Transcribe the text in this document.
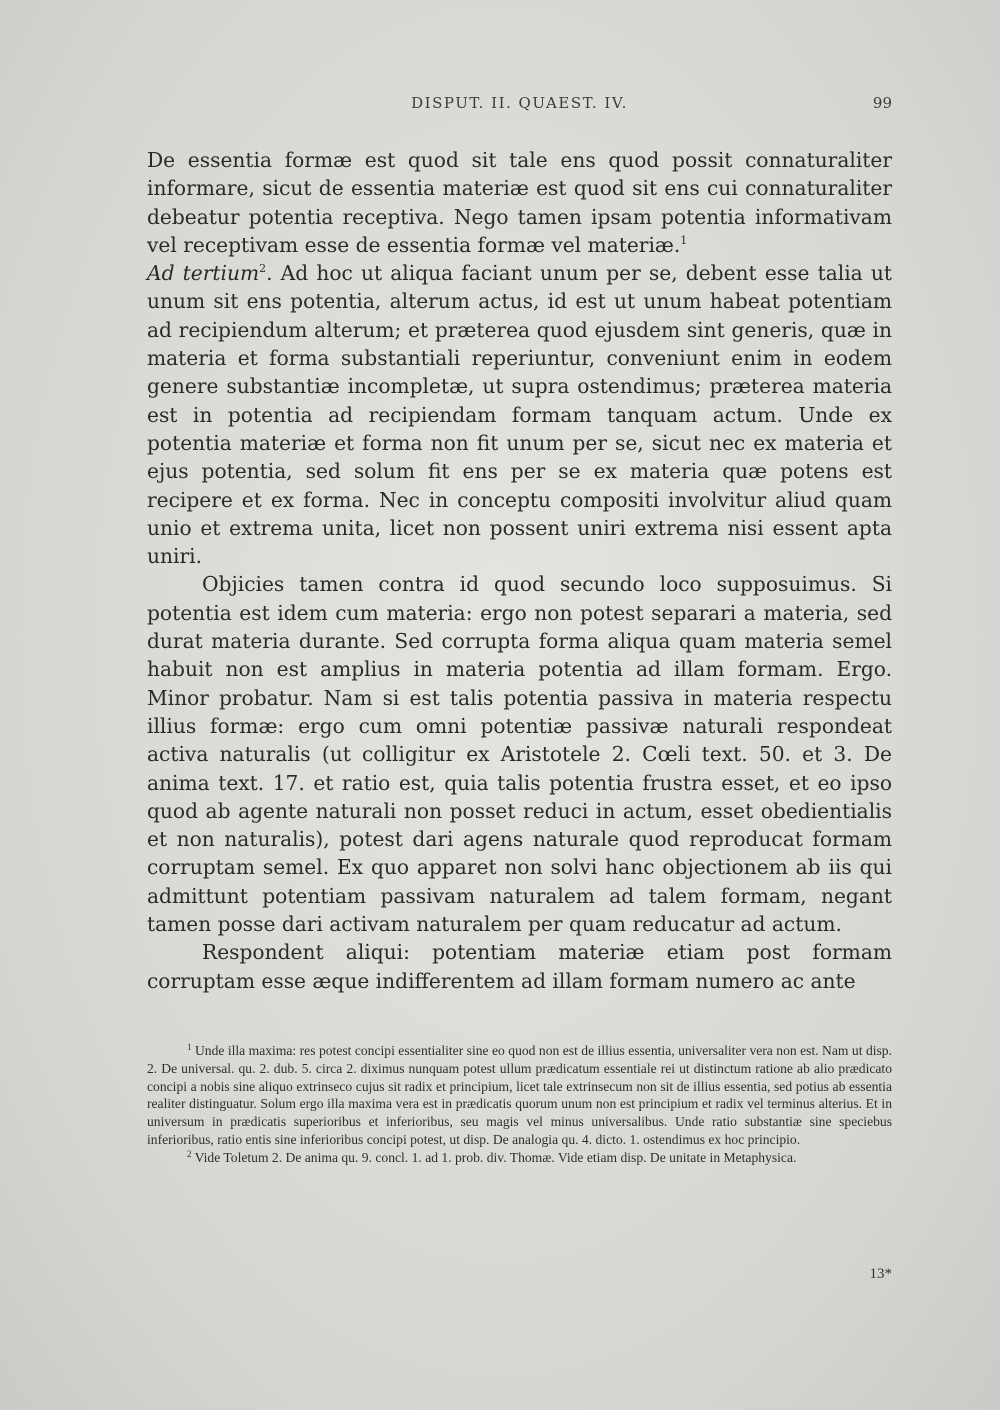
DISPUT. II. QUAEST. IV.	99

De essentia formæ est quod sit tale ens quod possit connaturaliter informare, sicut de essentia materiæ est quod sit ens cui connaturaliter debeatur potentia receptiva. Nego tamen ipsam potentia informativam vel receptivam esse de essentia formæ vel materiæ.$^1$

Ad tertium$^2$. Ad hoc ut aliqua faciant unum per se, debent esse talia ut unum sit ens potentia, alterum actus, id est ut unum habeat potentiam ad recipiendum alterum; et præterea quod ejusdem sint generis, quæ in materia et forma substantiali reperiuntur, conveniunt enim in eodem genere substantiæ incompletæ, ut supra ostendimus; præterea materia est in potentia ad recipiendam formam tanquam actum. Unde ex potentia materiæ et forma non fit unum per se, sicut nec ex materia et ejus potentia, sed solum fit ens per se ex materia quæ potens est recipere et ex forma. Nec in conceptu compositi involvitur aliud quam unio et extrema unita, licet non possent uniri extrema nisi essent apta uniri.

Objicies tamen contra id quod secundo loco supposuimus. Si potentia est idem cum materia: ergo non potest separari a materia, sed durat materia durante. Sed corrupta forma aliqua quam materia semel habuit non est amplius in materia potentia ad illam formam. Ergo. Minor probatur. Nam si est talis potentia passiva in materia respectu illius formæ: ergo cum omni potentiæ passivæ naturali respondeat activa naturalis (ut colligitur ex Aristotele 2. Cœli text. 50. et 3. De anima text. 17. et ratio est, quia talis potentia frustra esset, et eo ipso quod ab agente naturali non posset reduci in actum, esset obedientialis et non naturalis), potest dari agens naturale quod reproducat formam corruptam semel. Ex quo apparet non solvi hanc objectionem ab iis qui admittunt potentiam passivam naturalem ad talem formam, negant tamen posse dari activam naturalem per quam reducatur ad actum.

Respondent aliqui: potentiam materiæ etiam post formam corruptam esse æque indifferentem ad illam formam numero ac ante

$^1$ Unde illa maxima: res potest concipi essentialiter sine eo quod non est de illius essentia, universaliter vera non est. Nam ut disp. 2. De universal. qu. 2. dub. 5. circa 2. diximus nunquam potest ullum prædicatum essentiale rei ut distinctum ratione ab alio prædicato concipi a nobis sine aliquo extrinseco cujus sit radix et principium, licet tale extrinsecum non sit de illius essentia, sed potius ab essentia realiter distinguatur. Solum ergo illa maxima vera est in prædicatis quorum unum non est principium et radix vel terminus alterius. Et in universum in prædicatis superioribus et inferioribus, seu magis vel minus universalibus. Unde ratio substantiæ sine speciebus inferioribus, ratio entis sine inferioribus concipi potest, ut disp. De analogia qu. 4. dicto. 1. ostendimus ex hoc principio.

$^2$ Vide Toletum 2. De anima qu. 9. concl. 1. ad 1. prob. div. Thomæ. Vide etiam disp. De unitate in Metaphysica.

13*
